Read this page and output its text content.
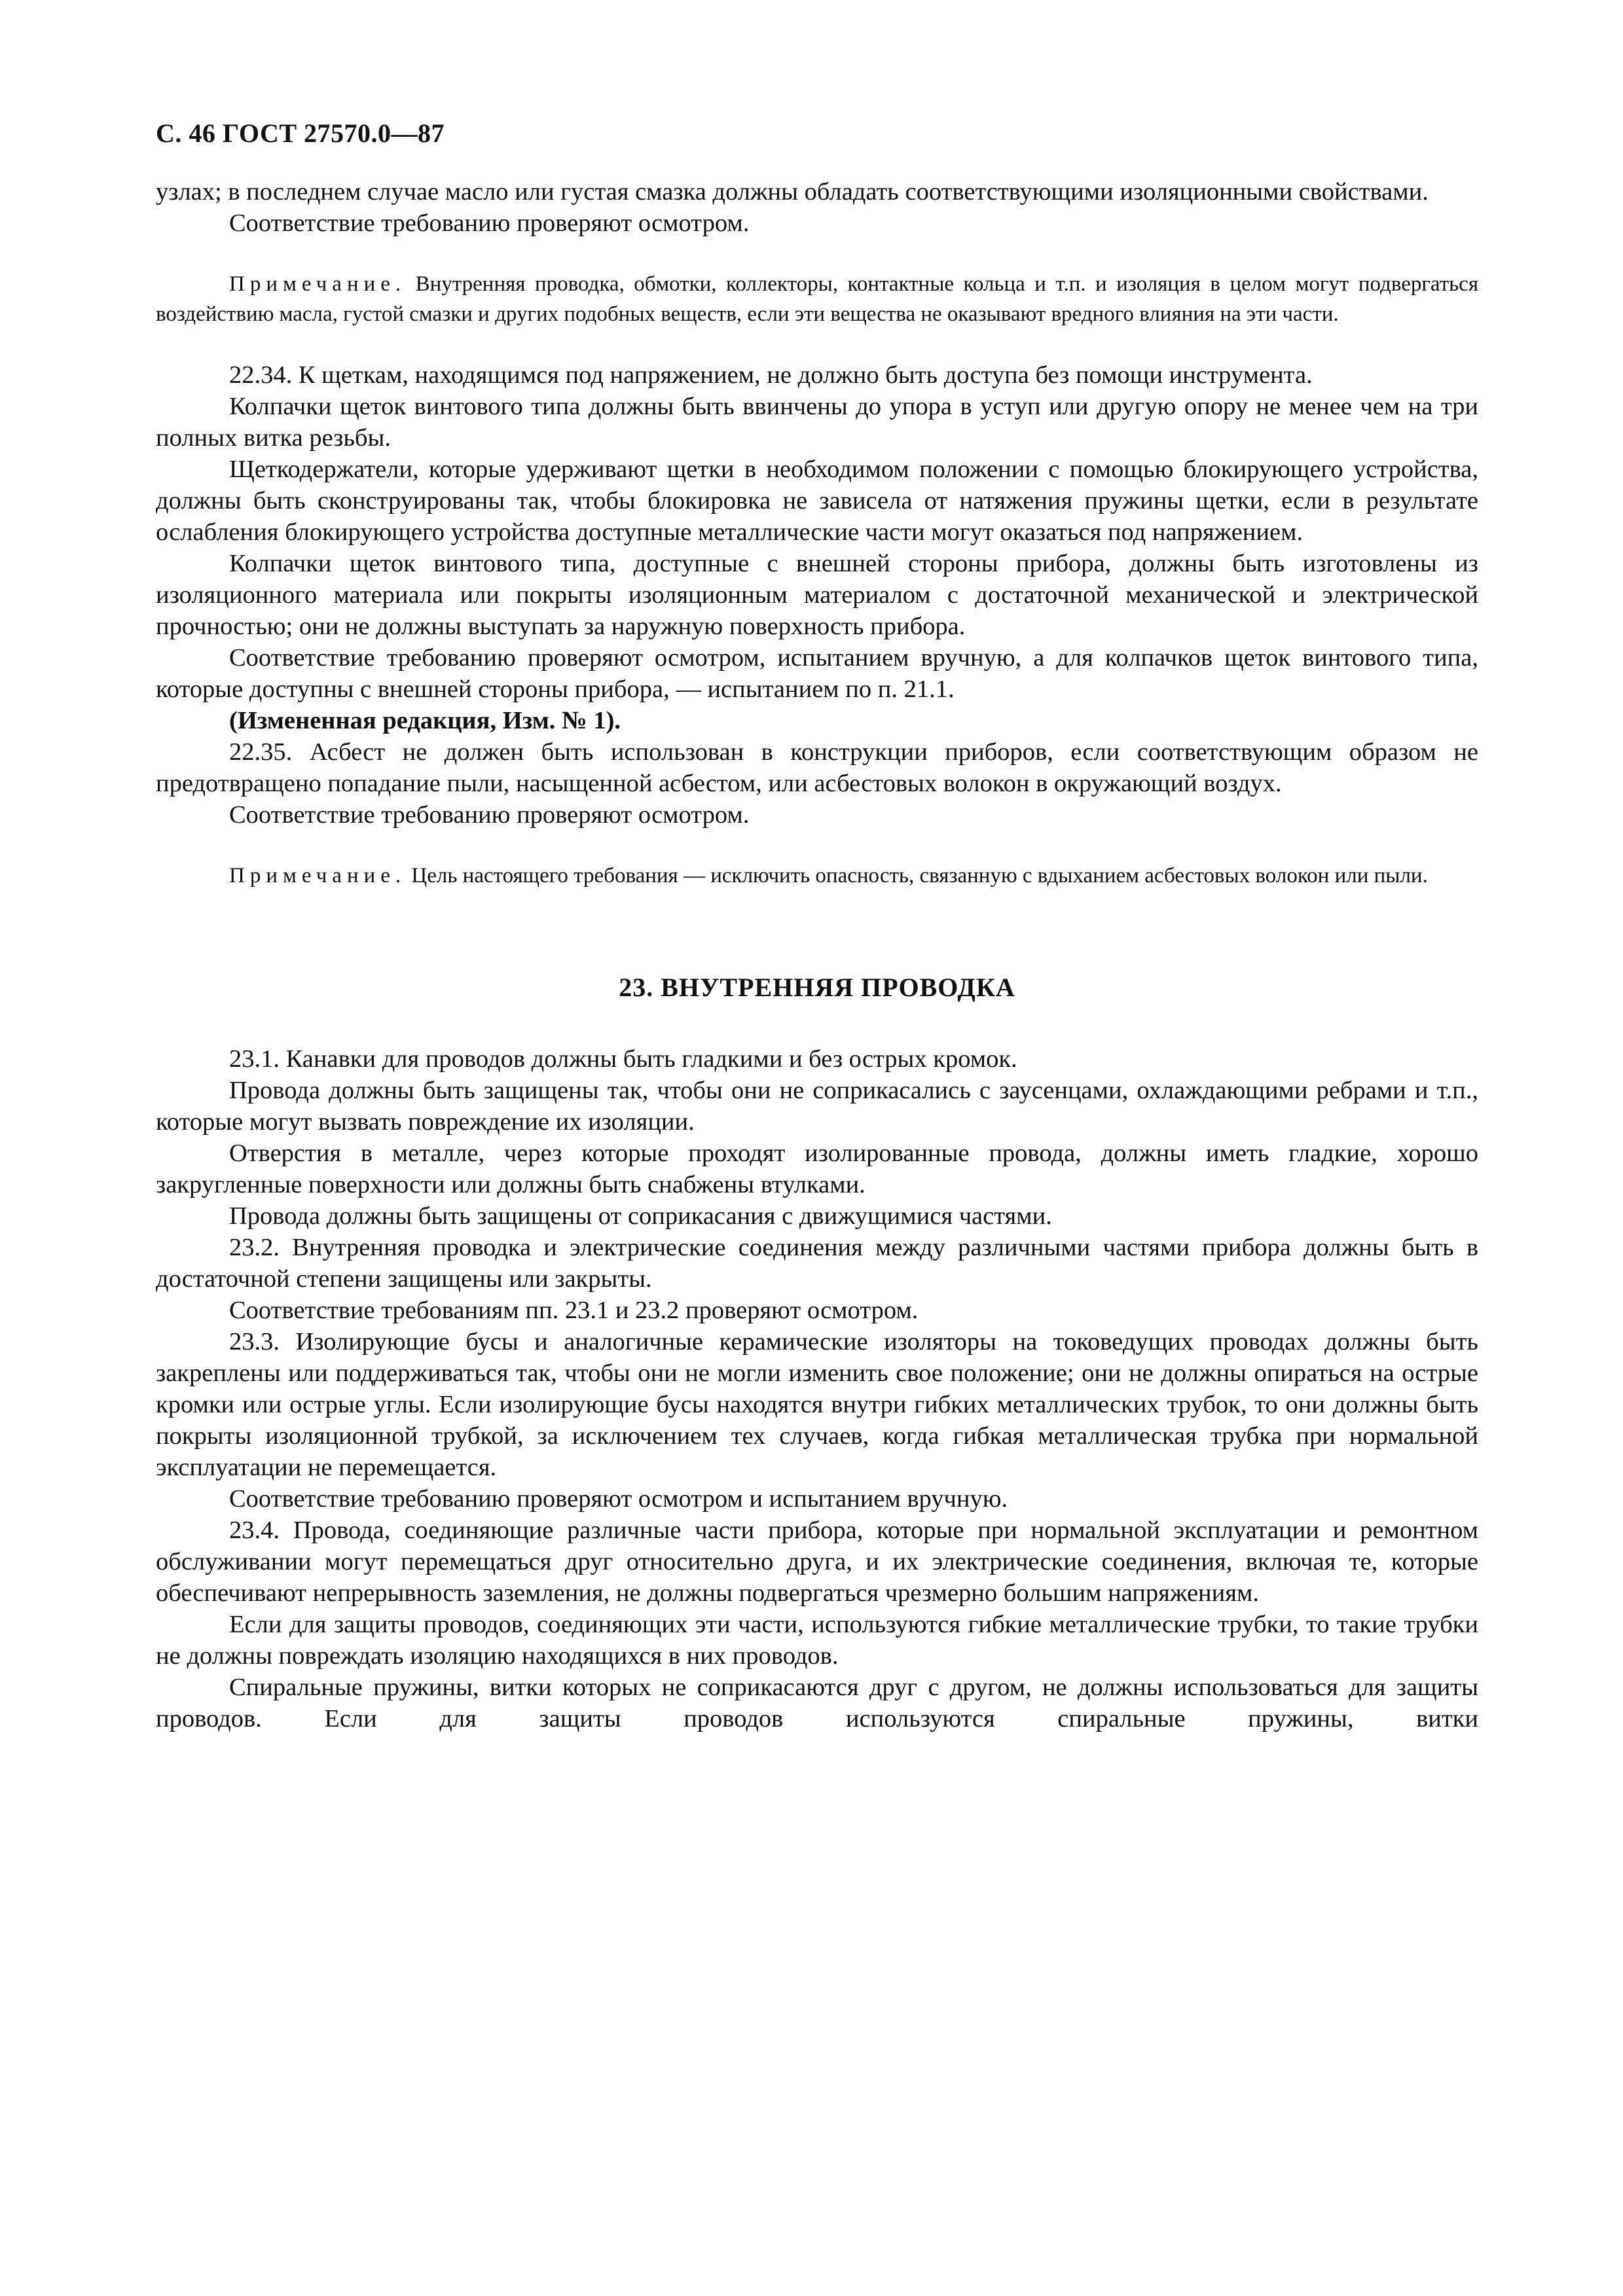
С. 46 ГОСТ 27570.0—87

узлах; в последнем случае масло или густая смазка должны обладать соответствующими изоляционными свойствами.

Соответствие требованию проверяют осмотром.

Примечание. Внутренняя проводка, обмотки, коллекторы, контактные кольца и т.п. и изоляция в целом могут подвергаться воздействию масла, густой смазки и других подобных веществ, если эти вещества не оказывают вредного влияния на эти части.

22.34. К щеткам, находящимся под напряжением, не должно быть доступа без помощи инструмента.

Колпачки щеток винтового типа должны быть ввинчены до упора в уступ или другую опору не менее чем на три полных витка резьбы.

Щеткодержатели, которые удерживают щетки в необходимом положении с помощью блокирующего устройства, должны быть сконструированы так, чтобы блокировка не зависела от натяжения пружины щетки, если в результате ослабления блокирующего устройства доступные металлические части могут оказаться под напряжением.

Колпачки щеток винтового типа, доступные с внешней стороны прибора, должны быть изготовлены из изоляционного материала или покрыты изоляционным материалом с достаточной механической и электрической прочностью; они не должны выступать за наружную поверхность прибора.

Соответствие требованию проверяют осмотром, испытанием вручную, а для колпачков щеток винтового типа, которые доступны с внешней стороны прибора, — испытанием по п. 21.1.

(Измененная редакция, Изм. № 1).

22.35. Асбест не должен быть использован в конструкции приборов, если соответствующим образом не предотвращено попадание пыли, насыщенной асбестом, или асбестовых волокон в окружающий воздух.

Соответствие требованию проверяют осмотром.

Примечание. Цель настоящего требования — исключить опасность, связанную с вдыханием асбестовых волокон или пыли.

23. ВНУТРЕННЯЯ ПРОВОДКА

23.1. Канавки для проводов должны быть гладкими и без острых кромок.

Провода должны быть защищены так, чтобы они не соприкасались с заусенцами, охлаждающими ребрами и т.п., которые могут вызвать повреждение их изоляции.

Отверстия в металле, через которые проходят изолированные провода, должны иметь гладкие, хорошо закругленные поверхности или должны быть снабжены втулками.

Провода должны быть защищены от соприкасания с движущимися частями.

23.2. Внутренняя проводка и электрические соединения между различными частями прибора должны быть в достаточной степени защищены или закрыты.

Соответствие требованиям пп. 23.1 и 23.2 проверяют осмотром.

23.3. Изолирующие бусы и аналогичные керамические изоляторы на токоведущих проводах должны быть закреплены или поддерживаться так, чтобы они не могли изменить свое положение; они не должны опираться на острые кромки или острые углы. Если изолирующие бусы находятся внутри гибких металлических трубок, то они должны быть покрыты изоляционной трубкой, за исключением тех случаев, когда гибкая металлическая трубка при нормальной эксплуатации не перемещается.

Соответствие требованию проверяют осмотром и испытанием вручную.

23.4. Провода, соединяющие различные части прибора, которые при нормальной эксплуатации и ремонтном обслуживании могут перемещаться друг относительно друга, и их электрические соединения, включая те, которые обеспечивают непрерывность заземления, не должны подвергаться чрезмерно большим напряжениям.

Если для защиты проводов, соединяющих эти части, используются гибкие металлические трубки, то такие трубки не должны повреждать изоляцию находящихся в них проводов.

Спиральные пружины, витки которых не соприкасаются друг с другом, не должны использоваться для защиты проводов. Если для защиты проводов используются спиральные пружины, витки
